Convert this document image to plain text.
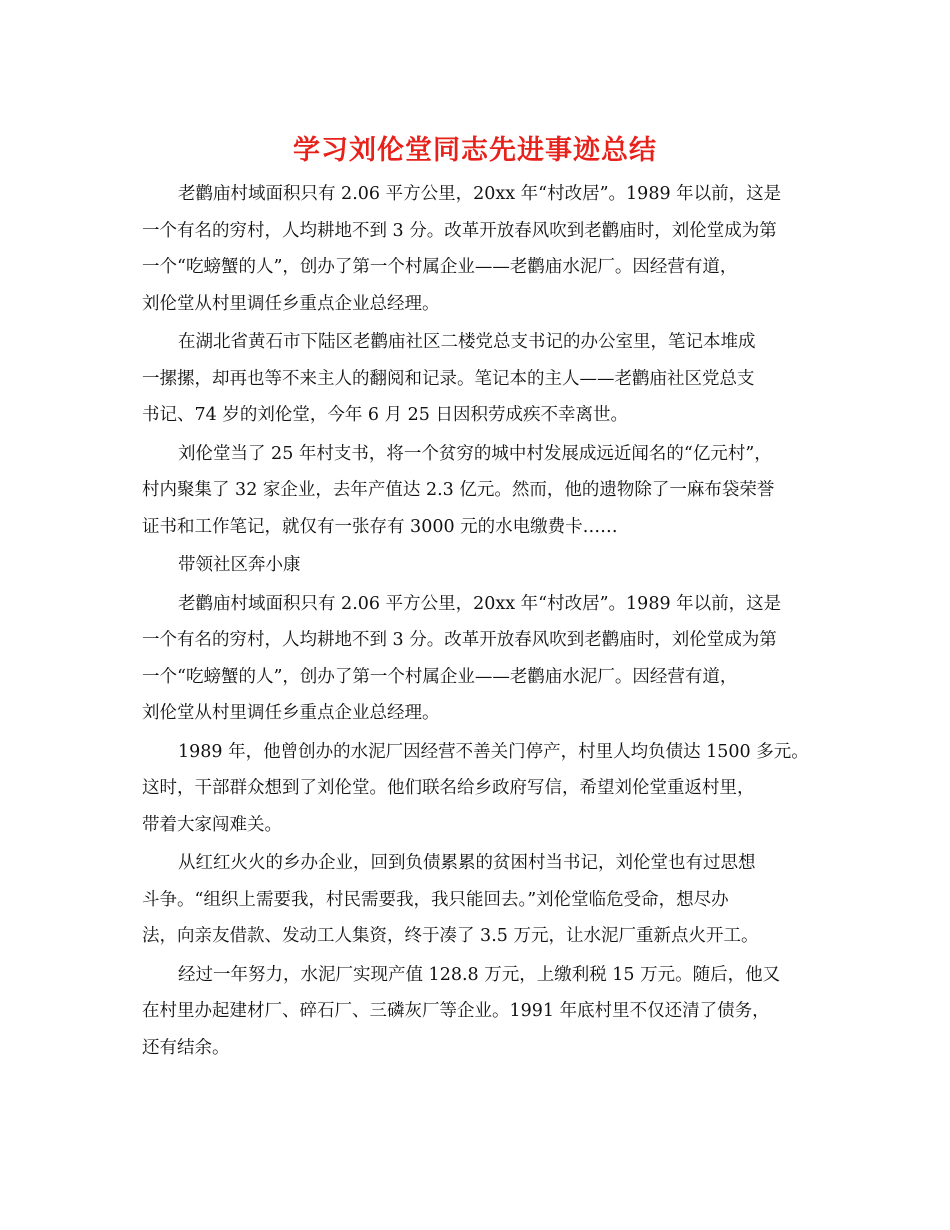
学习刘伦堂同志先进事迹总结
老鹳庙村域面积只有 2.06 平方公里，20xx 年“村改居”。1989 年以前，这是
一个有名的穷村，人均耕地不到 3 分。改革开放春风吹到老鹳庙时，刘伦堂成为第
一个“吃螃蟹的人”，创办了第一个村属企业——老鹳庙水泥厂。因经营有道，
刘伦堂从村里调任乡重点企业总经理。
在湖北省黄石市下陆区老鹳庙社区二楼党总支书记的办公室里，笔记本堆成
一摞摞，却再也等不来主人的翻阅和记录。笔记本的主人——老鹳庙社区党总支
书记、74 岁的刘伦堂，今年 6 月 25 日因积劳成疾不幸离世。
刘伦堂当了 25 年村支书，将一个贫穷的城中村发展成远近闻名的“亿元村”，
村内聚集了 32 家企业，去年产值达 2.3 亿元。然而，他的遗物除了一麻布袋荣誉
证书和工作笔记，就仅有一张存有 3000 元的水电缴费卡……
带领社区奔小康
老鹳庙村域面积只有 2.06 平方公里，20xx 年“村改居”。1989 年以前，这是
一个有名的穷村，人均耕地不到 3 分。改革开放春风吹到老鹳庙时，刘伦堂成为第
一个“吃螃蟹的人”，创办了第一个村属企业——老鹳庙水泥厂。因经营有道，
刘伦堂从村里调任乡重点企业总经理。
1989 年，他曾创办的水泥厂因经营不善关门停产，村里人均负债达 1500 多元。
这时，干部群众想到了刘伦堂。他们联名给乡政府写信，希望刘伦堂重返村里，
带着大家闯难关。
从红红火火的乡办企业，回到负债累累的贫困村当书记，刘伦堂也有过思想
斗争。“组织上需要我，村民需要我，我只能回去。”刘伦堂临危受命，想尽办
法，向亲友借款、发动工人集资，终于凑了 3.5 万元，让水泥厂重新点火开工。
经过一年努力，水泥厂实现产值 128.8 万元，上缴利税 15 万元。随后，他又
在村里办起建材厂、碎石厂、三磷灰厂等企业。1991 年底村里不仅还清了债务，
还有结余。
